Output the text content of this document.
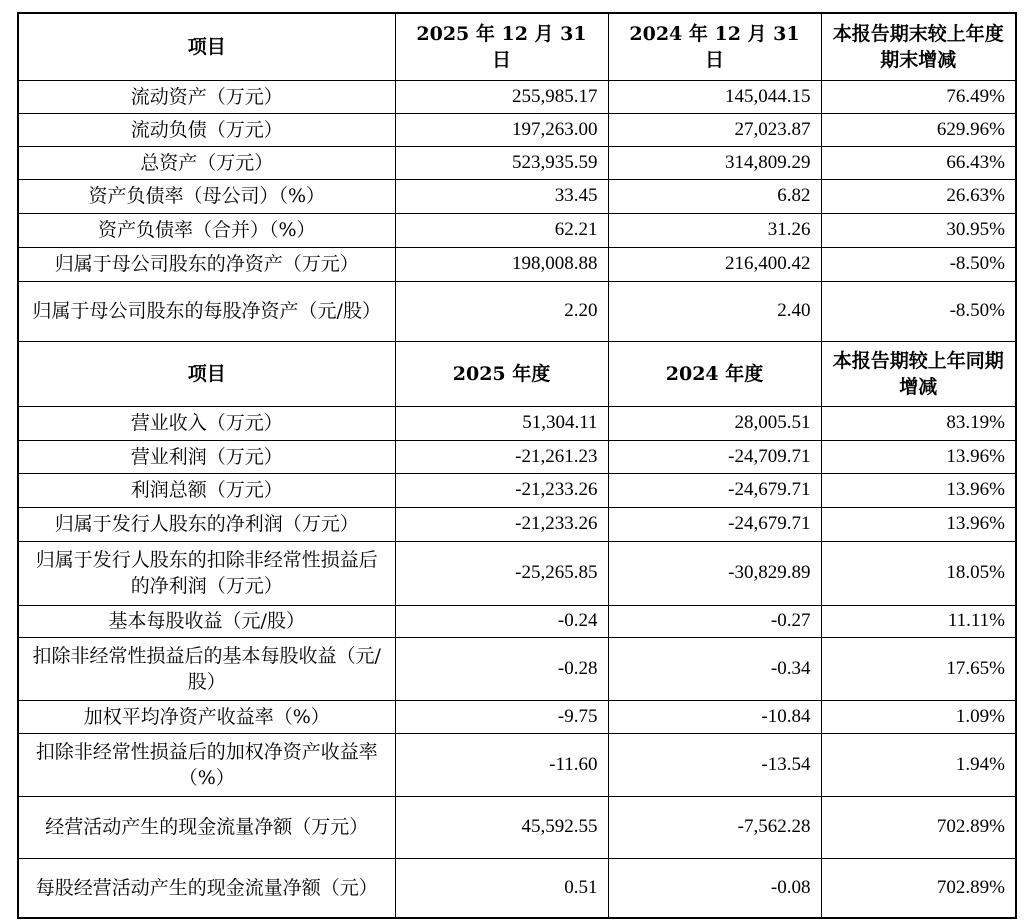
项目	2025 年 12 月 31 日	2024 年 12 月 31 日	本报告期末较上年度期末增减
流动资产（万元）	255,985.17	145,044.15	76.49%
流动负债（万元）	197,263.00	27,023.87	629.96%
总资产（万元）	523,935.59	314,809.29	66.43%
资产负债率（母公司）（%）	33.45	6.82	26.63%
资产负债率（合并）（%）	62.21	31.26	30.95%
归属于母公司股东的净资产（万元）	198,008.88	216,400.42	-8.50%
归属于母公司股东的每股净资产（元/股）	2.20	2.40	-8.50%
项目	2025 年度	2024 年度	本报告期较上年同期增减
营业收入（万元）	51,304.11	28,005.51	83.19%
营业利润（万元）	-21,261.23	-24,709.71	13.96%
利润总额（万元）	-21,233.26	-24,679.71	13.96%
归属于发行人股东的净利润（万元）	-21,233.26	-24,679.71	13.96%
归属于发行人股东的扣除非经常性损益后的净利润（万元）	-25,265.85	-30,829.89	18.05%
基本每股收益（元/股）	-0.24	-0.27	11.11%
扣除非经常性损益后的基本每股收益（元/股）	-0.28	-0.34	17.65%
加权平均净资产收益率（%）	-9.75	-10.84	1.09%
扣除非经常性损益后的加权净资产收益率（%）	-11.60	-13.54	1.94%
经营活动产生的现金流量净额（万元）	45,592.55	-7,562.28	702.89%
每股经营活动产生的现金流量净额（元）	0.51	-0.08	702.89%
